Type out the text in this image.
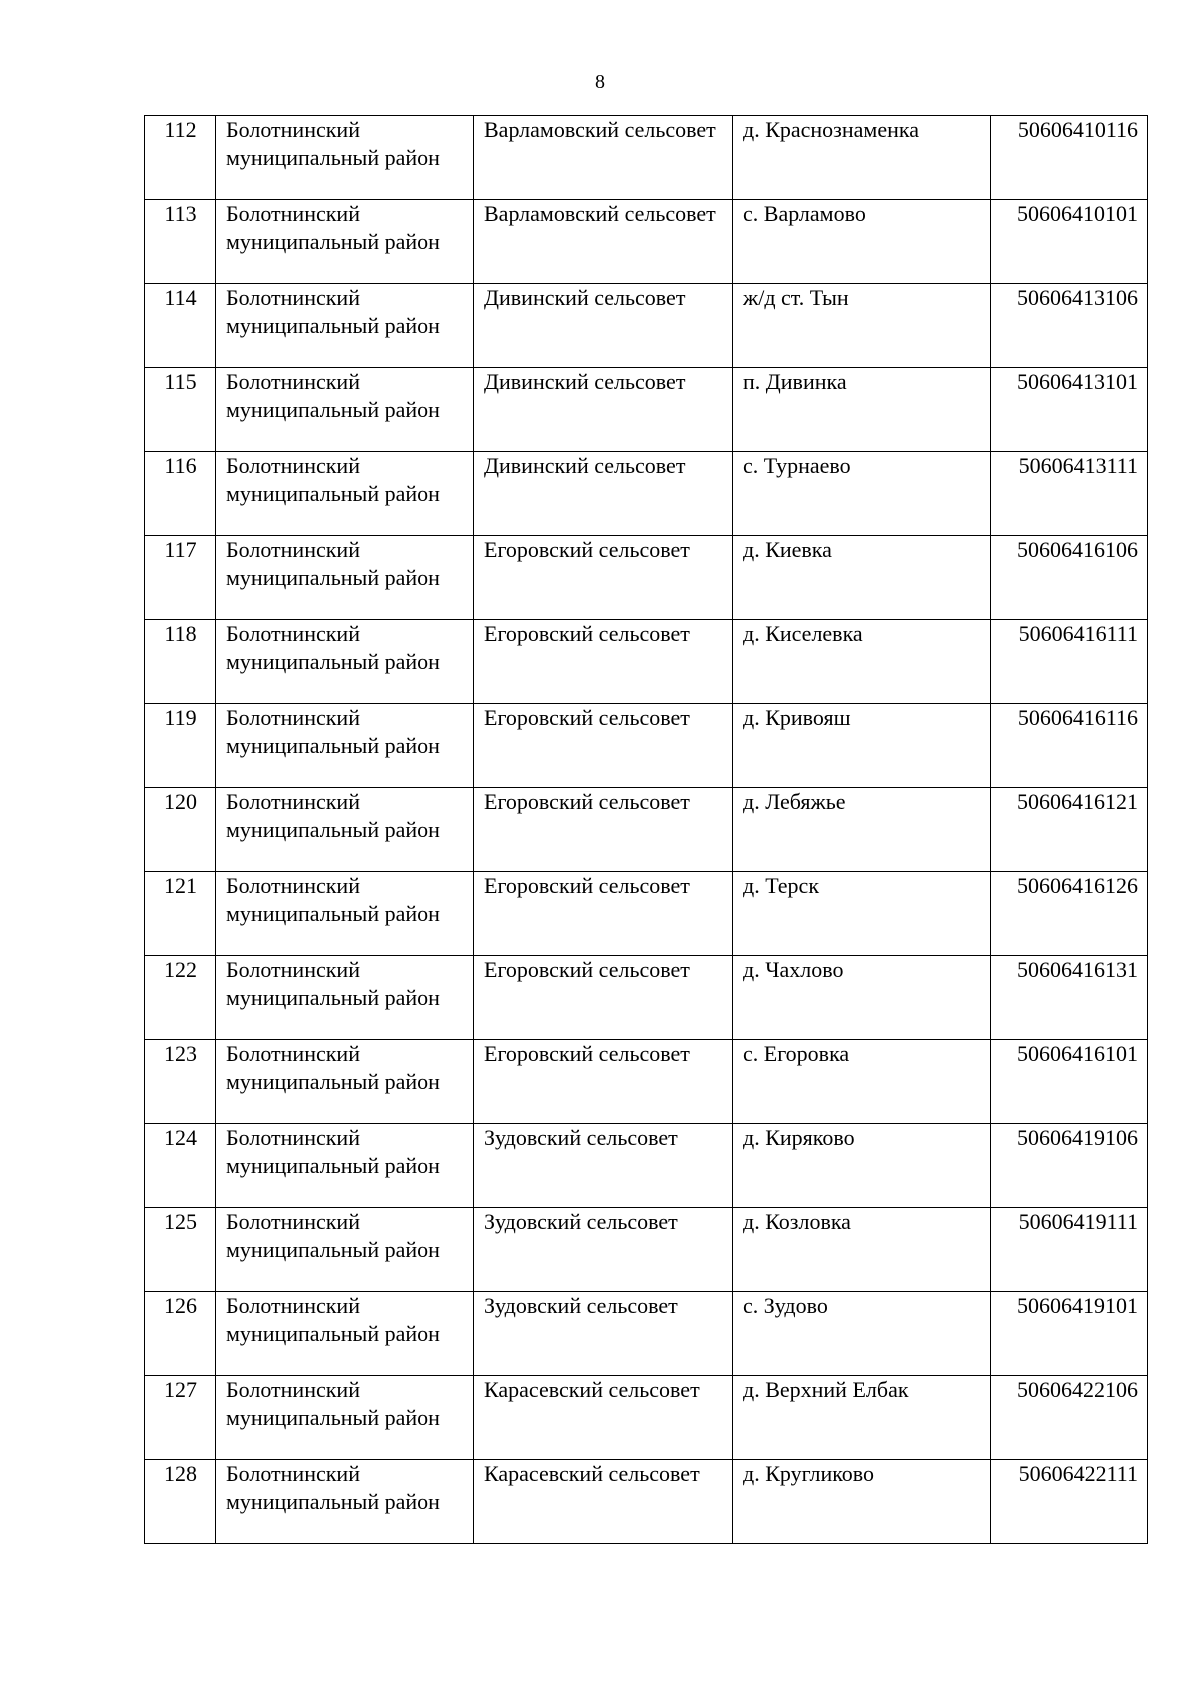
8
112	Болотнинский муниципальный район	Варламовский сельсовет	д. Краснознаменка	50606410116
113	Болотнинский муниципальный район	Варламовский сельсовет	с. Варламово	50606410101
114	Болотнинский муниципальный район	Дивинский сельсовет	ж/д ст. Тын	50606413106
115	Болотнинский муниципальный район	Дивинский сельсовет	п. Дивинка	50606413101
116	Болотнинский муниципальный район	Дивинский сельсовет	с. Турнаево	50606413111
117	Болотнинский муниципальный район	Егоровский сельсовет	д. Киевка	50606416106
118	Болотнинский муниципальный район	Егоровский сельсовет	д. Киселевка	50606416111
119	Болотнинский муниципальный район	Егоровский сельсовет	д. Кривояш	50606416116
120	Болотнинский муниципальный район	Егоровский сельсовет	д. Лебяжье	50606416121
121	Болотнинский муниципальный район	Егоровский сельсовет	д. Терск	50606416126
122	Болотнинский муниципальный район	Егоровский сельсовет	д. Чахлово	50606416131
123	Болотнинский муниципальный район	Егоровский сельсовет	с. Егоровка	50606416101
124	Болотнинский муниципальный район	Зудовский сельсовет	д. Киряково	50606419106
125	Болотнинский муниципальный район	Зудовский сельсовет	д. Козловка	50606419111
126	Болотнинский муниципальный район	Зудовский сельсовет	с. Зудово	50606419101
127	Болотнинский муниципальный район	Карасевский сельсовет	д. Верхний Елбак	50606422106
128	Болотнинский муниципальный район	Карасевский сельсовет	д. Кругликово	50606422111
